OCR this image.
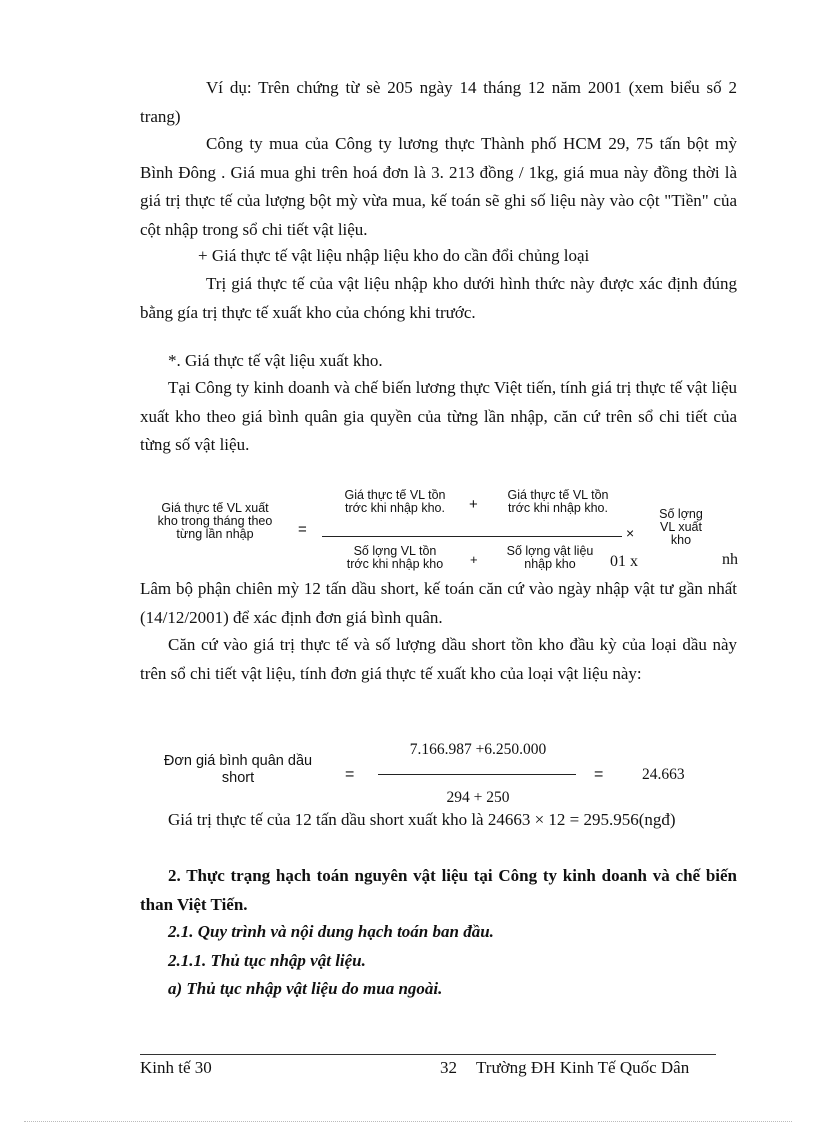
Ví dụ: Trên chứng từ sè 205 ngày 14 tháng 12 năm 2001 (xem biểu số 2 trang)

Công ty mua của Công ty lương thực Thành phố HCM 29, 75 tấn bột mỳ Bình Đông . Giá mua ghi trên hoá đơn là 3. 213 đồng / 1kg, giá mua này đồng thời là giá trị thực tế của lượng bột mỳ vừa mua, kế toán sẽ ghi số liệu này vào cột "Tiền" của cột nhập trong sổ chi tiết vật liệu.

+ Giá thực tế vật liệu nhập liệu kho do cần đổi chủng loại

Trị giá thực tế của vật liệu nhập kho dưới hình thức này được xác định đúng bằng gía trị thực tế xuất kho của chóng khi trước.

*. Giá thực tế vật liệu xuất kho.

Tại Công ty kinh doanh và chế biến lương thực Việt tiến, tính giá trị thực tế vật liệu xuất kho theo giá bình quân gia quyền của từng lần nhập, căn cứ trên sổ chi tiết của từng số vật liệu.

Giá thực tế VL xuất
kho trong tháng theo
từng lần nhập	=
Giá thực tế VL tồn
trớc khi nhập kho.	+
Giá thực tế VL tồn
trớc khi nhập kho.
Số lợng VL tồn
trớc khi nhập kho	+
Số lợng vật liệu
nhập kho
×
Số lợng
VL xuất
kho
01 x	nh

Lâm bộ phận chiên mỳ 12 tấn dầu short, kế toán căn cứ vào ngày nhập vật tư gần nhất (14/12/2001) để xác định đơn giá bình quân.

Căn cứ vào giá trị thực tế và số lượng dầu short tồn kho đầu kỳ của loại dầu này trên sổ chi tiết vật liệu, tính đơn giá thực tế xuất kho của loại vật liệu này:

Đơn giá bình quân dầu
short	=
7.166.987 +6.250.000
294 + 250
= 24.663

Giá trị thực tế của 12 tấn dầu short xuất kho là 24663 × 12 = 295.956(ngđ)

2. Thực trạng hạch toán nguyên vật liệu tại Công ty kinh doanh và chế biến than Việt Tiến.

2.1. Quy trình và nội dung hạch toán ban đầu.
2.1.1. Thủ tục nhập vật liệu.
a) Thủ tục nhập vật liệu do mua ngoài.
Kinh tế 30	32 Trường ĐH Kinh Tế Quốc Dân
